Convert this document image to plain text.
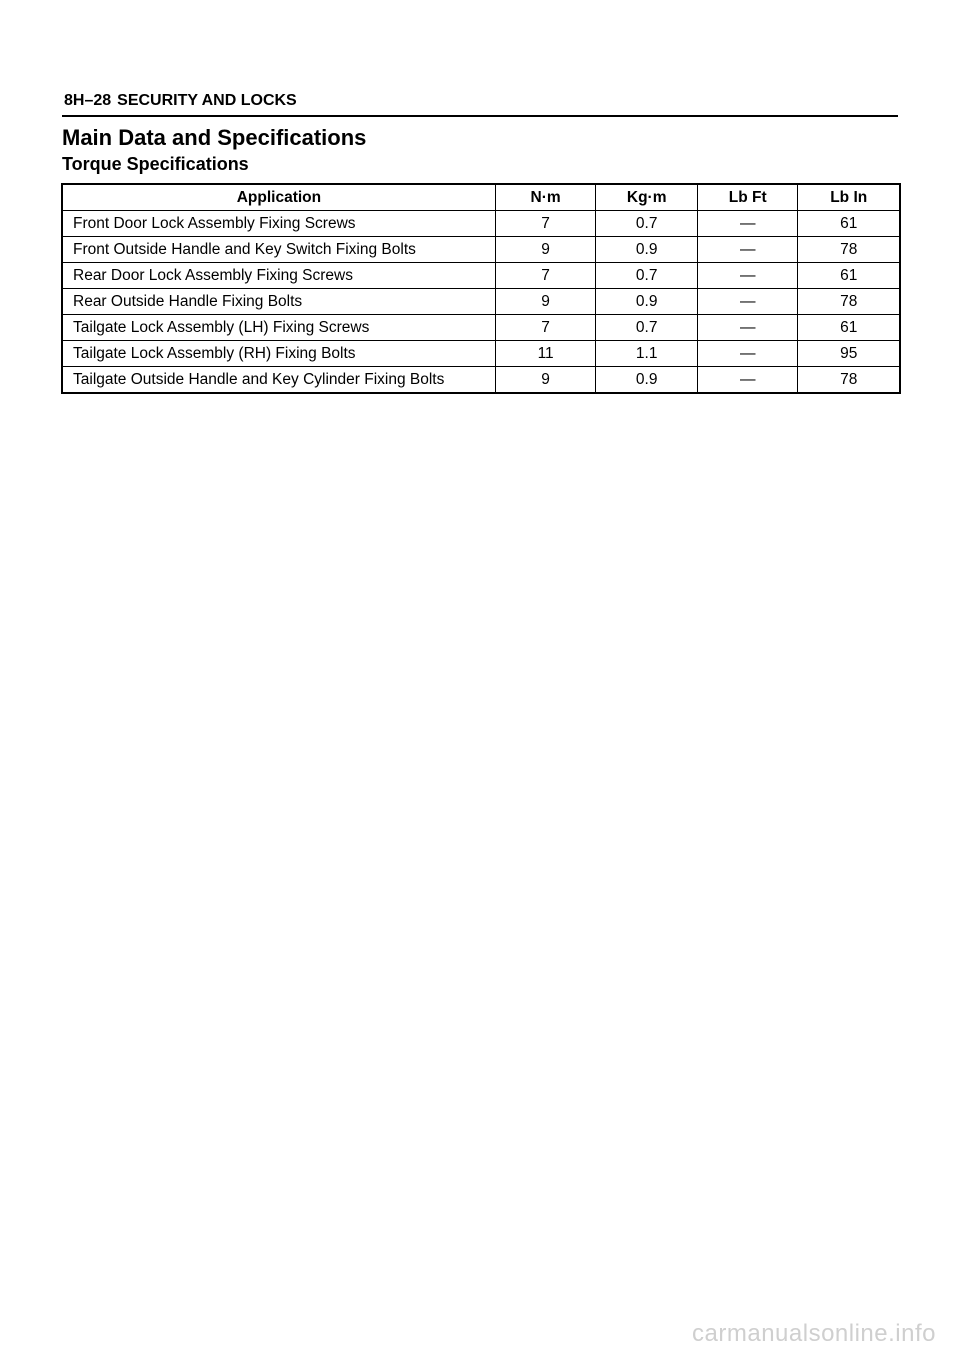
8H–28 SECURITY AND LOCKS
Main Data and Specifications
Torque Specifications
Application	N·m	Kg·m	Lb Ft	Lb In
Front Door Lock Assembly Fixing Screws	7	0.7	—	61
Front Outside Handle and Key Switch Fixing Bolts	9	0.9	—	78
Rear Door Lock Assembly Fixing Screws	7	0.7	—	61
Rear Outside Handle Fixing Bolts	9	0.9	—	78
Tailgate Lock Assembly (LH) Fixing Screws	7	0.7	—	61
Tailgate Lock Assembly (RH) Fixing Bolts	11	1.1	—	95
Tailgate Outside Handle and Key Cylinder Fixing Bolts	9	0.9	—	78
carmanualsonline.info
